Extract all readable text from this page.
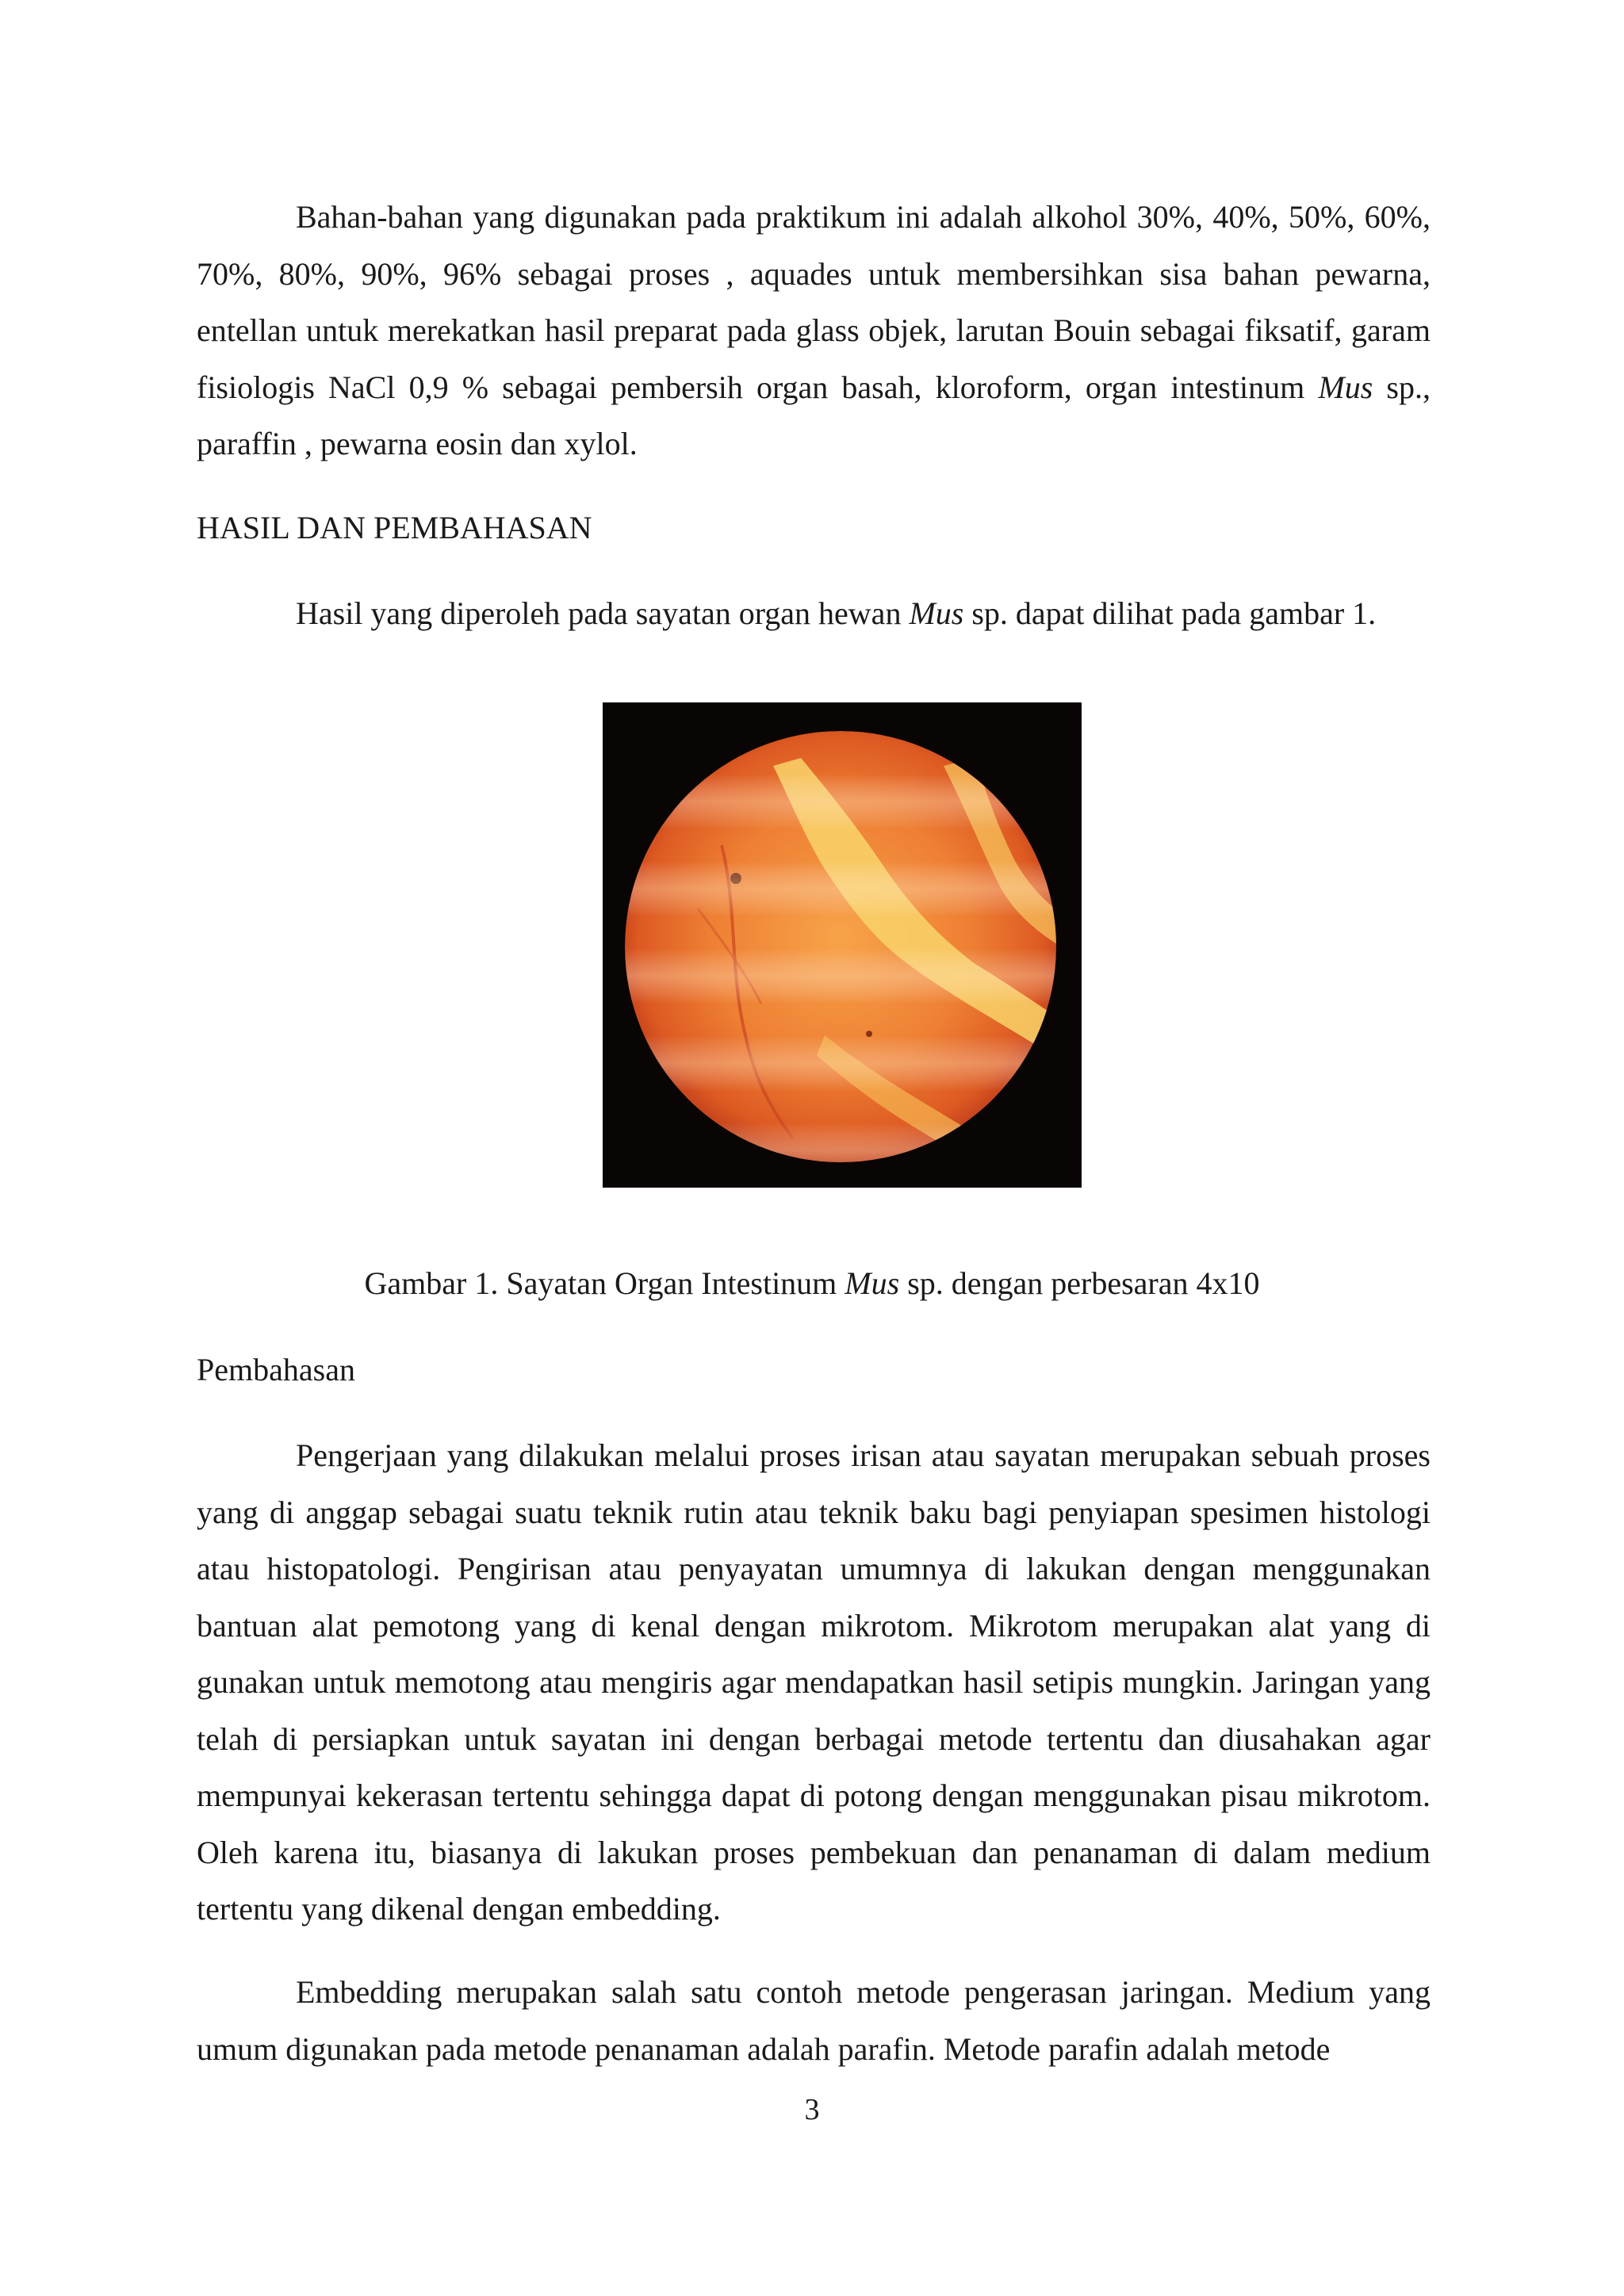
Bahan-bahan yang digunakan pada praktikum ini adalah alkohol 30%, 40%, 50%, 60%, 70%, 80%, 90%, 96% sebagai proses , aquades untuk membersihkan sisa bahan pewarna, entellan untuk merekatkan hasil preparat pada glass objek, larutan Bouin sebagai fiksatif, garam fisiologis NaCl 0,9 % sebagai pembersih organ basah, kloroform, organ intestinum Mus sp., paraffin , pewarna eosin dan xylol.

HASIL DAN PEMBAHASAN

Hasil yang diperoleh pada sayatan organ hewan Mus sp. dapat dilihat pada gambar 1.

Gambar 1. Sayatan Organ Intestinum Mus sp. dengan perbesaran 4x10

Pembahasan

Pengerjaan yang dilakukan melalui proses irisan atau sayatan merupakan sebuah proses yang di anggap sebagai suatu teknik rutin atau teknik baku bagi penyiapan spesimen histologi atau histopatologi. Pengirisan atau penyayatan umumnya di lakukan dengan menggunakan bantuan alat pemotong yang di kenal dengan mikrotom. Mikrotom merupakan alat yang di gunakan untuk memotong atau mengiris agar mendapatkan hasil setipis mungkin. Jaringan yang telah di persiapkan untuk sayatan ini dengan berbagai metode tertentu dan diusahakan agar mempunyai kekerasan tertentu sehingga dapat di potong dengan menggunakan pisau mikrotom. Oleh karena itu, biasanya di lakukan proses pembekuan dan penanaman di dalam medium tertentu yang dikenal dengan embedding.

Embedding merupakan salah satu contoh metode pengerasan jaringan. Medium yang umum digunakan pada metode penanaman adalah parafin. Metode parafin adalah metode

3
